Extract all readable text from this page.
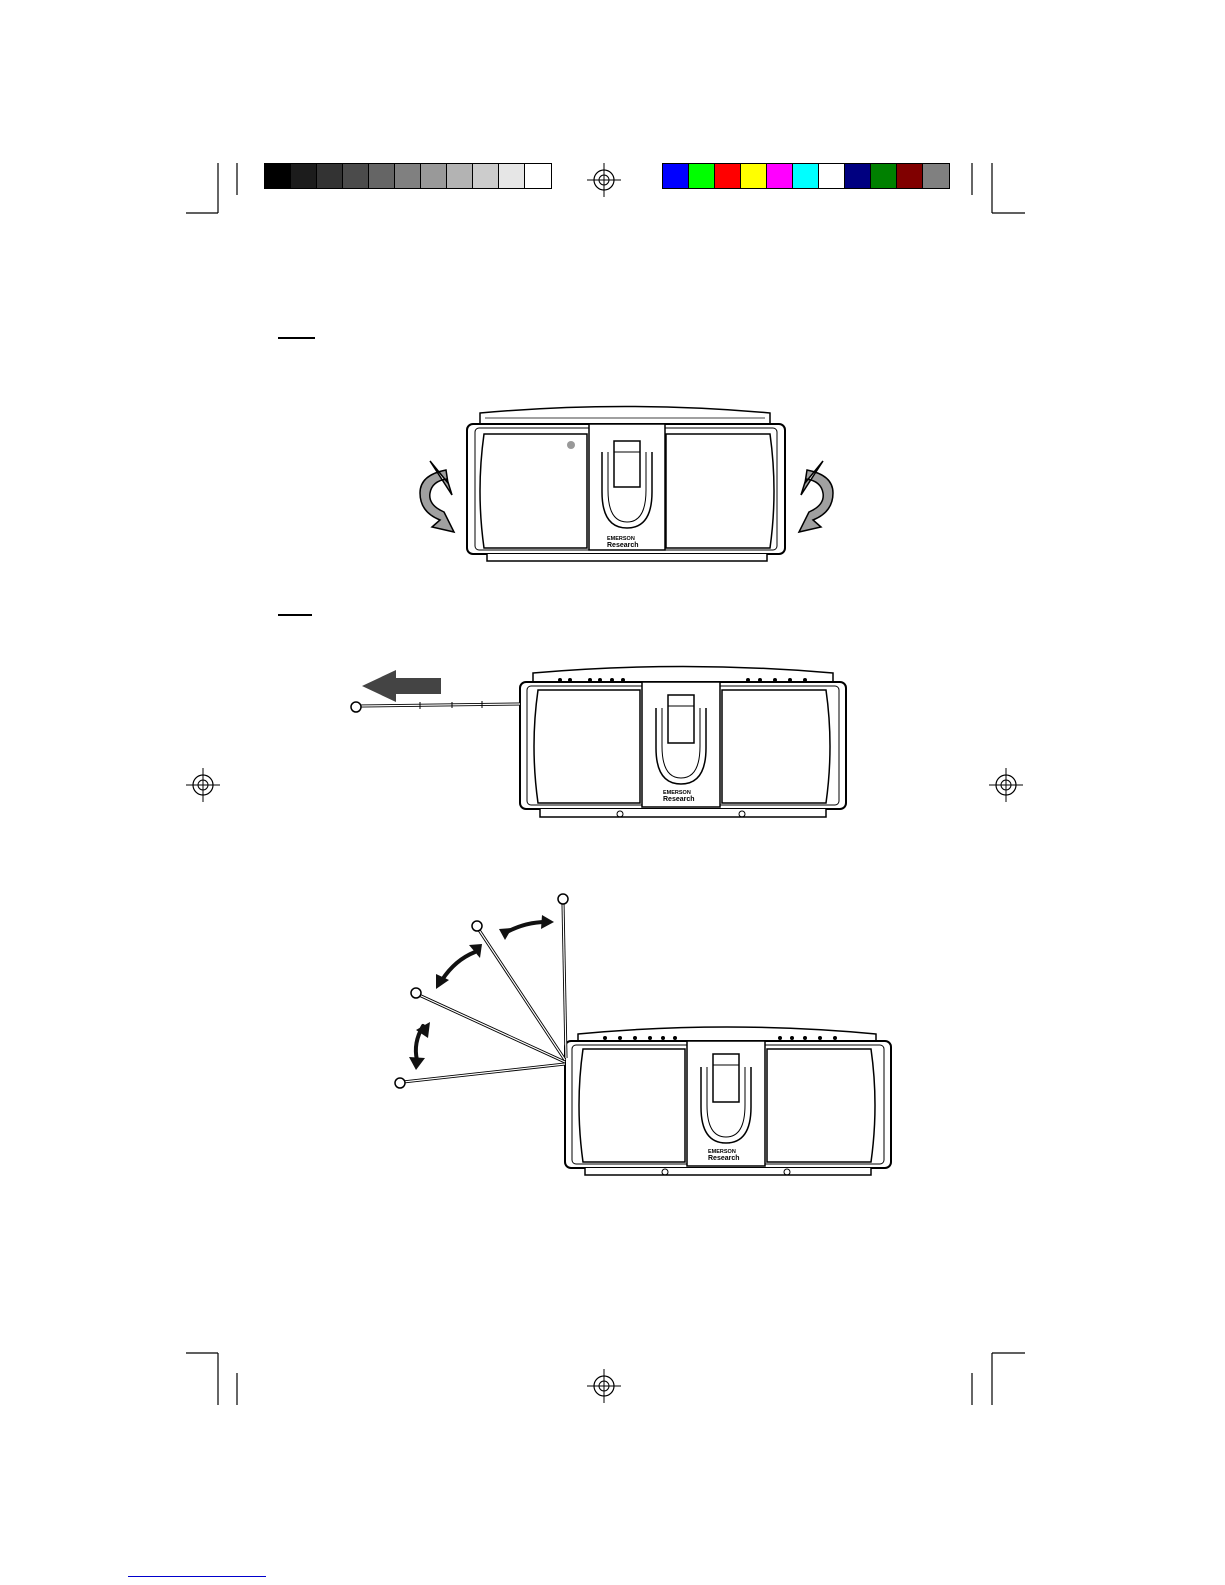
EMERSON
Research
EMERSON
Research
EMERSON
Research
